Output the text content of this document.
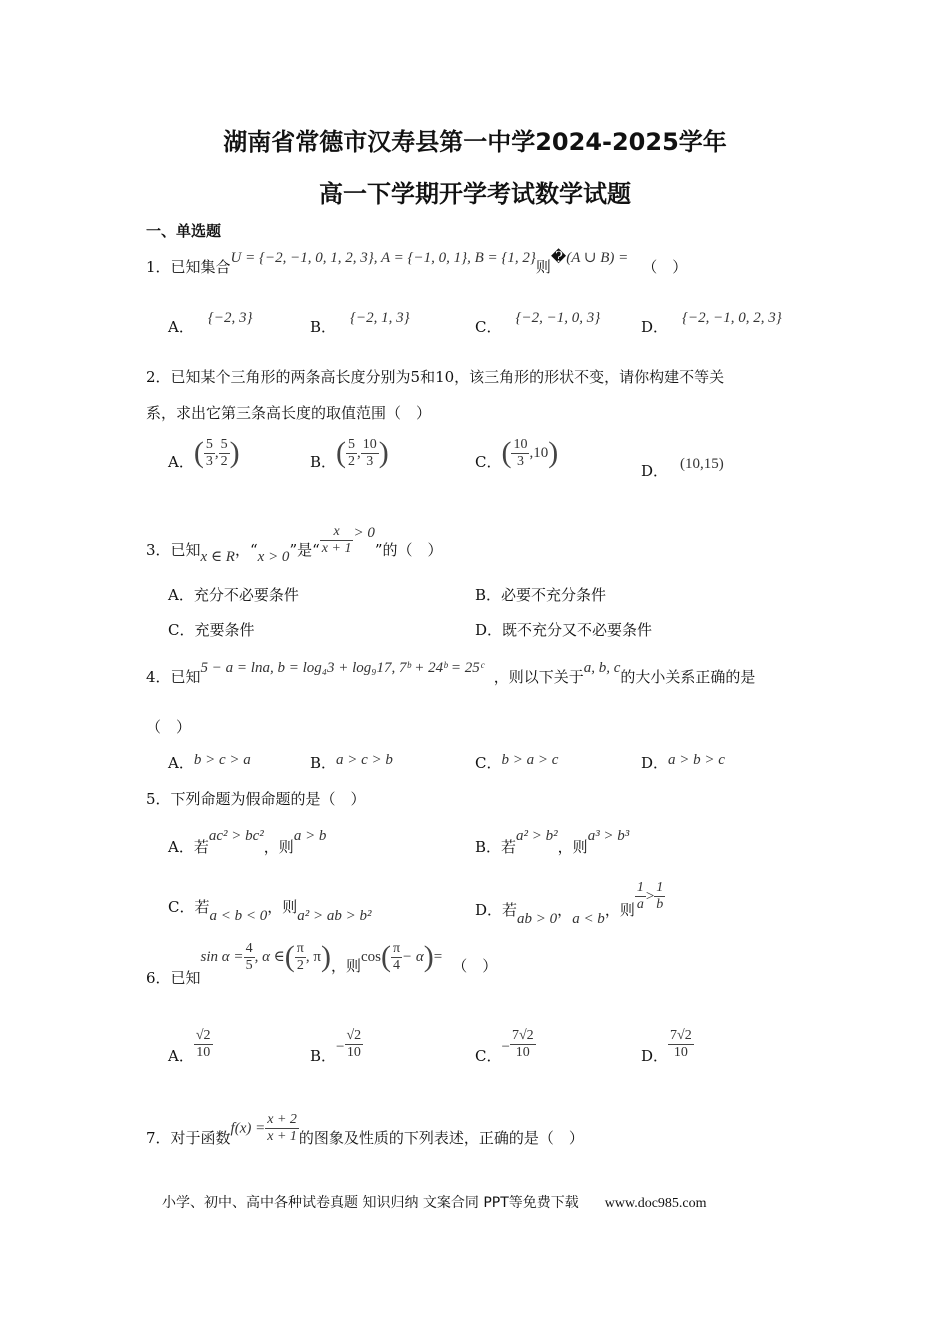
湖南省常德市汉寿县第一中学2024-2025学年
高一下学期开学考试数学试题
一、单选题
1．已知集合U = {−2, −1, 0, 1, 2, 3}, A = {−1, 0, 1}, B = {1, 2}则�(A ∪ B) = （　）
A． {−2, 3}	B． {−2, 1, 3}	C． {−2, −1, 0, 3}	D． {−2, −1, 0, 2, 3}
2．已知某个三角形的两条高长度分别为5和10，该三角形的形状不变，请你构建不等关
系，求出它第三条高长度的取值范围（　）
A．( $\frac{5}{3}$ , $\frac{5}{2}$ )	B．( $\frac{5}{2}$ , $\frac{10}{3}$ )	C．( $\frac{10}{3} ,10$)
D． (10,15)
3．已知x ∈ R，“x > 0”是“ $\frac{x}{x + 1} > 0$”的（　）
A．充分不必要条件	B．必要不充分条件
C．充要条件	D．既不充分又不必要条件
4．已知5 − a = lna, b = log₄3 + log₉17, 7ᵇ + 24ᵇ = 25ᶜ ，则以下关于a, b, c的大小关系正确的是
（　）
A．b > c > a	B．a > c > b	C．b > a > c	D．a > b > c
5．下列命题为假命题的是（　）
A．若ac² > bc²，则a > b
B．若a² > b²，则a³ > b³
C．若a < b < 0，则a² > ab > b²	D．若ab > 0，a < b，则 $\frac{1}{a} > \frac{1}{b}$
6．已知$\sin \alpha = \frac{4}{5}$ , α ∈( $\frac{\pi}{2}$ , π)，则$\cos( \frac{\pi}{4} - \alpha)=$ （　）
A． $\frac{√2}{10}$	B．− $\frac{√2}{10}$	C．− $\frac{7√2}{10}$	D． $\frac{7√2}{10}$
7．对于函数$f(x) = \frac{x + 2}{x + 1}$ 的图象及性质的下列表述，正确的是（　）
小学、初中、高中各种试卷真题 知识归纳 文案合同 PPT等免费下载 www.doc985.com
